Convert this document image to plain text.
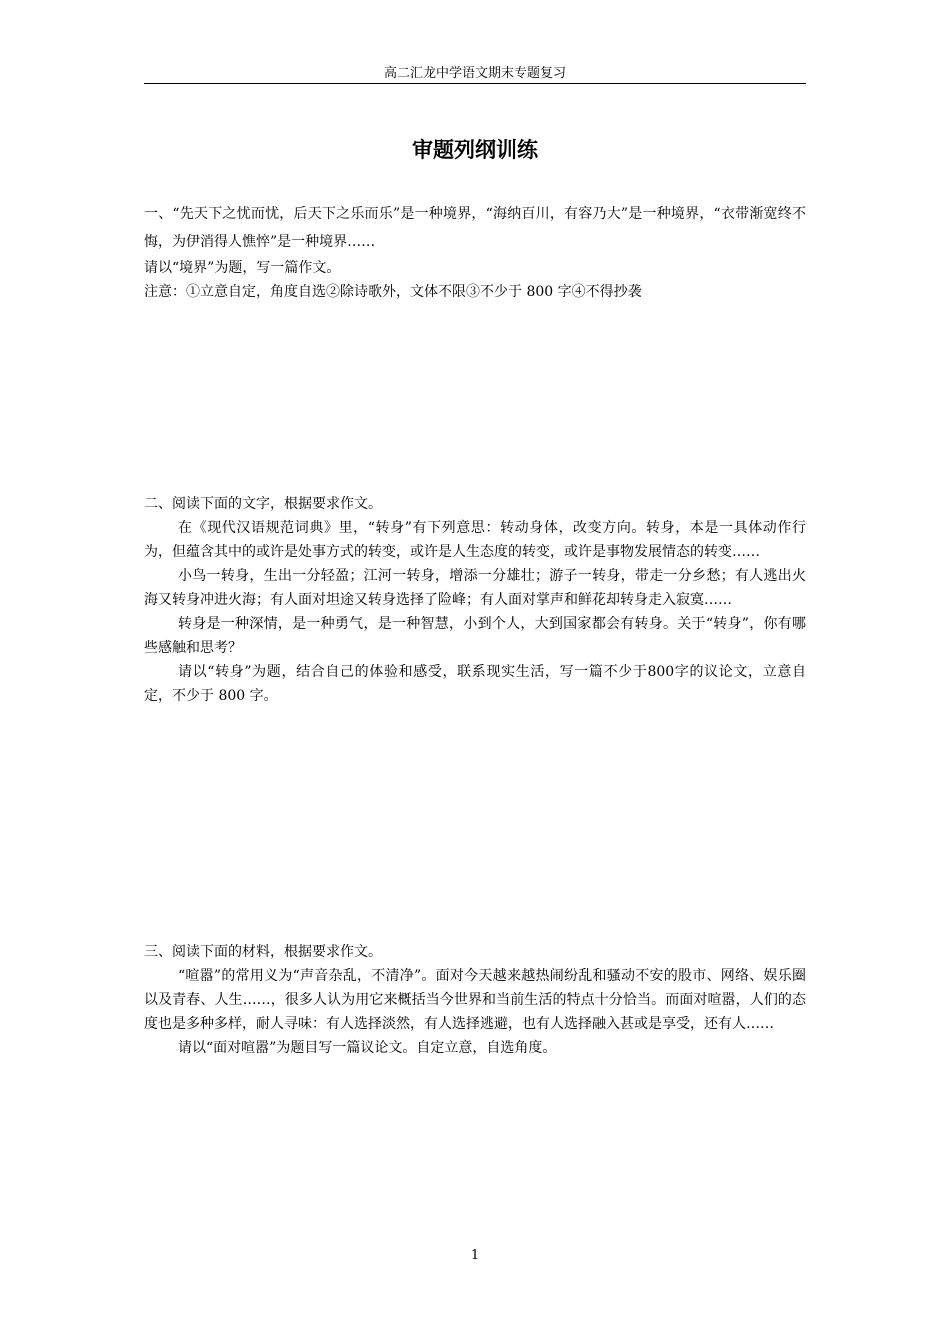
高二汇龙中学语文期末专题复习
审题列纲训练

一、“先天下之忧而忧，后天下之乐而乐”是一种境界，“海纳百川，有容乃大”是一种境界，“衣带渐宽终不悔，为伊消得人憔悴”是一种境界……

请以“境界”为题，写一篇作文。

注意：①立意自定，角度自选②除诗歌外，文体不限③不少于 800 字④不得抄袭

二、阅读下面的文字，根据要求作文。

在《现代汉语规范词典》里，“转身”有下列意思：转动身体，改变方向。转身，本是一具体动作行为，但蕴含其中的或许是处事方式的转变，或许是人生态度的转变，或许是事物发展情态的转变……

小鸟一转身，生出一分轻盈；江河一转身，增添一分雄壮；游子一转身，带走一分乡愁；有人逃出火海又转身冲进火海；有人面对坦途又转身选择了险峰；有人面对掌声和鲜花却转身走入寂寞……

转身是一种深情，是一种勇气，是一种智慧，小到个人，大到国家都会有转身。关于“转身”，你有哪些感触和思考？

请以“转身”为题，结合自己的体验和感受，联系现实生活，写一篇不少于800字的议论文，立意自定，不少于 800 字。

三、阅读下面的材料，根据要求作文。

“喧嚣”的常用义为“声音杂乱，不清净”。面对今天越来越热闹纷乱和骚动不安的股市、网络、娱乐圈以及青春、人生……，很多人认为用它来概括当今世界和当前生活的特点十分恰当。而面对喧嚣，人们的态度也是多种多样，耐人寻味：有人选择淡然，有人选择逃避，也有人选择融入甚或是享受，还有人……

请以“面对喧嚣”为题目写一篇议论文。自定立意，自选角度。

1
